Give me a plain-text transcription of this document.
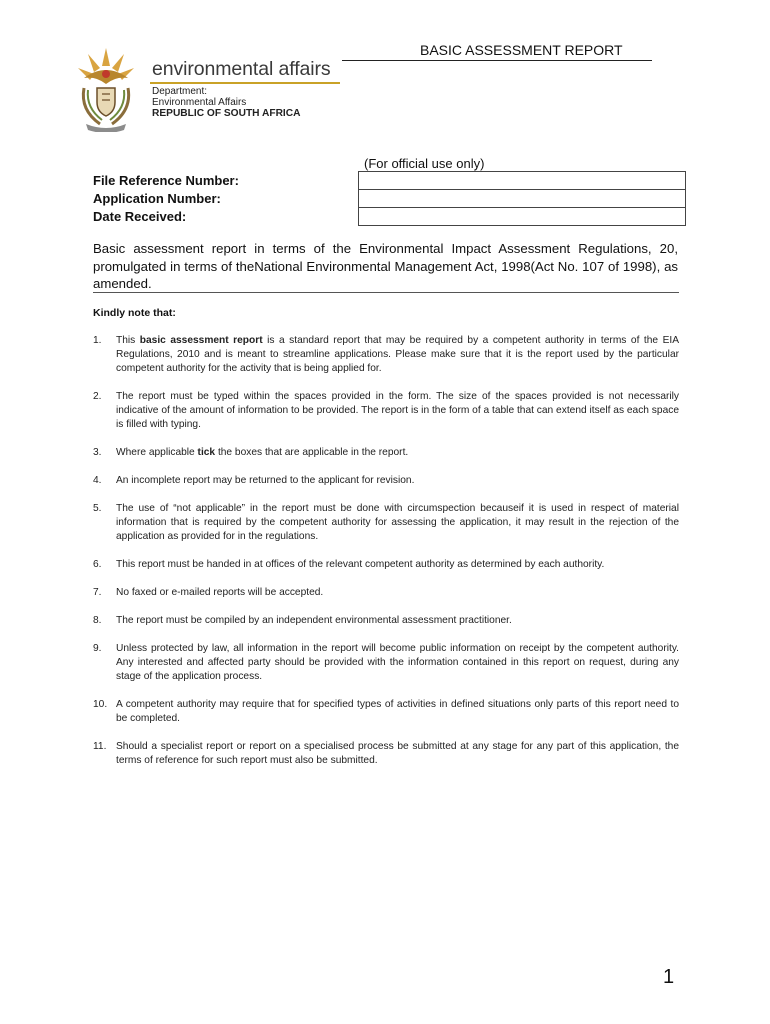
environmental affairs
Department:
Environmental Affairs
REPUBLIC OF SOUTH AFRICA
BASIC ASSESSMENT REPORT
(For official use only)
File Reference Number:
Application Number:
Date Received:
Basic assessment report in terms of the Environmental Impact Assessment Regulations, 20, promulgated in terms of theNational Environmental Management Act, 1998(Act No. 107 of 1998), as amended.
Kindly note that:
1.	This basic assessment report is a standard report that may be required by a competent authority in terms of the EIA Regulations, 2010 and is meant to streamline applications. Please make sure that it is the report used by the particular competent authority for the activity that is being applied for.
2.	The report must be typed within the spaces provided in the form. The size of the spaces provided is not necessarily indicative of the amount of information to be provided. The report is in the form of a table that can extend itself as each space is filled with typing.
3.	Where applicable tick the boxes that are applicable in the report.
4.	An incomplete report may be returned to the applicant for revision.
5.	The use of “not applicable” in the report must be done with circumspection becauseif it is used in respect of material information that is required by the competent authority for assessing the application, it may result in the rejection of the application as provided for in the regulations.
6.	This report must be handed in at offices of the relevant competent authority as determined by each authority.
7.	No faxed or e-mailed reports will be accepted.
8.	The report must be compiled by an independent environmental assessment practitioner.
9.	Unless protected by law, all information in the report will become public information on receipt by the competent authority. Any interested and affected party should be provided with the information contained in this report on request, during any stage of the application process.
10. A competent authority may require that for specified types of activities in defined situations only parts of this report need to be completed.
11. Should a specialist report or report on a specialised process be submitted at any stage for any part of this application, the terms of reference for such report must also be submitted.
1
